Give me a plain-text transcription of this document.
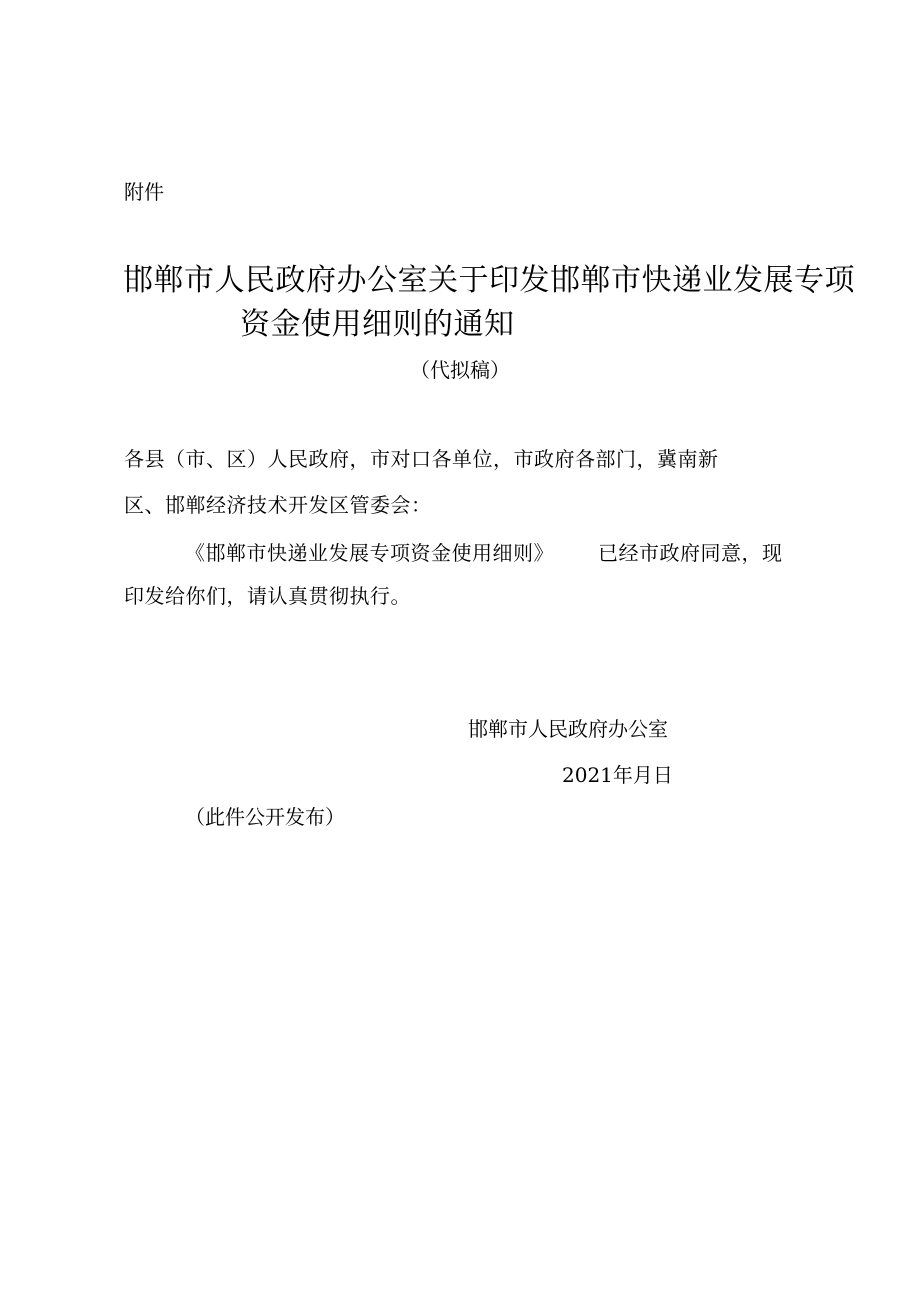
附件
邯郸市人民政府办公室关于印发邯郸市快递业发展专项
资金使用细则的通知
（代拟稿）
各县（市、区）人民政府，市对口各单位，市政府各部门，冀南新
区、邯郸经济技术开发区管委会：
《邯郸市快递业发展专项资金使用细则》 已经市政府同意，现
印发给你们，请认真贯彻执行。
邯郸市人民政府办公室
2021年月日
（此件公开发布）
